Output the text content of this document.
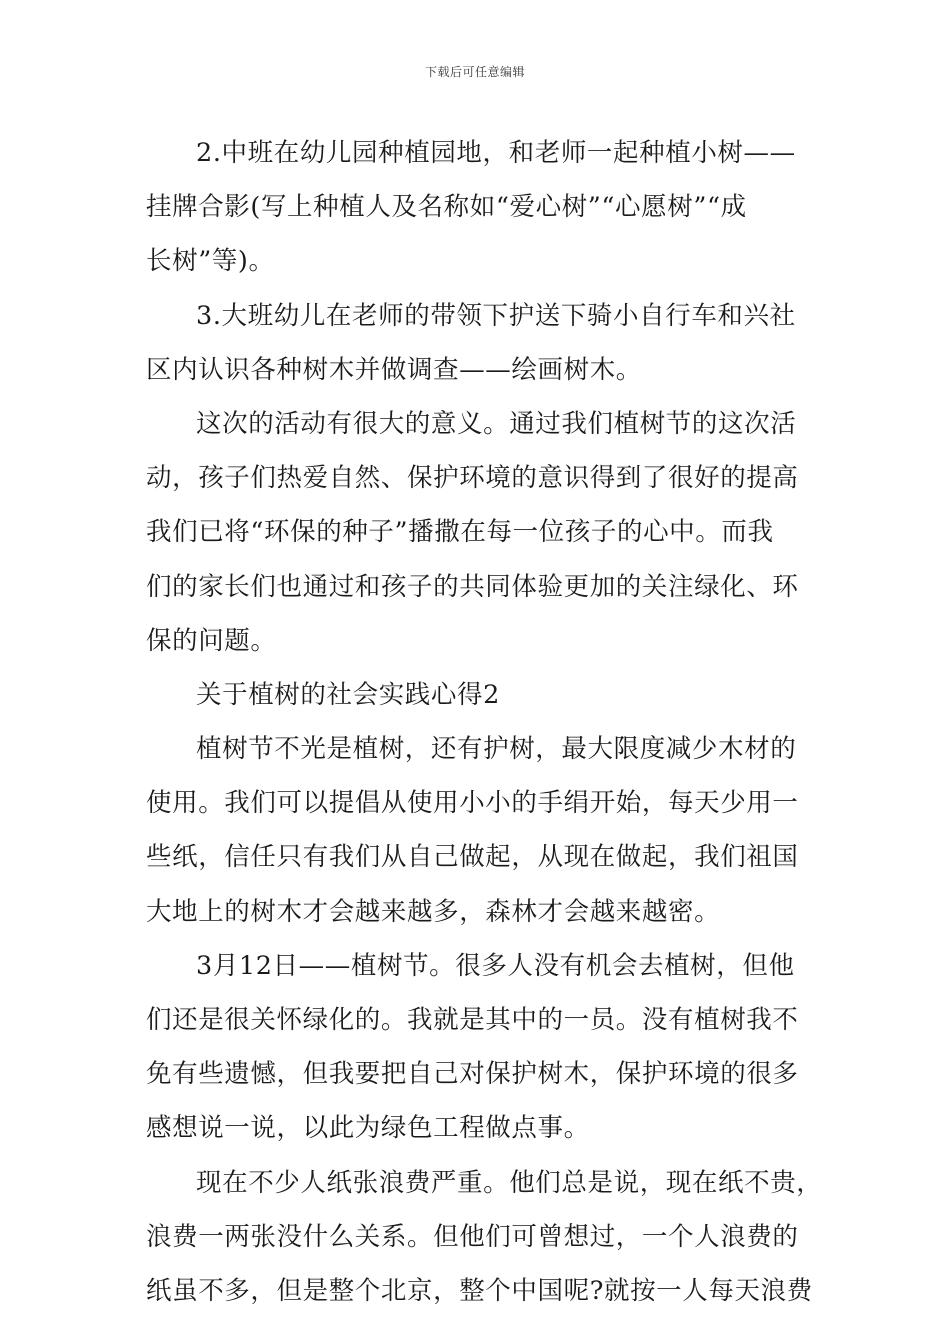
下载后可任意编辑
2.中班在幼儿园种植园地，和老师一起种植小树——
挂牌合影(写上种植人及名称如“爱心树”“心愿树”“成
长树”等)。
3.大班幼儿在老师的带领下护送下骑小自行车和兴社
区内认识各种树木并做调查——绘画树木。
这次的活动有很大的意义。通过我们植树节的这次活
动，孩子们热爱自然、保护环境的意识得到了很好的提高
我们已将“环保的种子”播撒在每一位孩子的心中。而我
们的家长们也通过和孩子的共同体验更加的关注绿化、环
保的问题。
关于植树的社会实践心得2
植树节不光是植树，还有护树，最大限度减少木材的
使用。我们可以提倡从使用小小的手绢开始，每天少用一
些纸，信任只有我们从自己做起，从现在做起，我们祖国
大地上的树木才会越来越多，森林才会越来越密。
3月12日——植树节。很多人没有机会去植树，但他
们还是很关怀绿化的。我就是其中的一员。没有植树我不
免有些遗憾，但我要把自己对保护树木，保护环境的很多
感想说一说，以此为绿色工程做点事。
现在不少人纸张浪费严重。他们总是说，现在纸不贵，
浪费一两张没什么关系。但他们可曾想过，一个人浪费的
纸虽不多，但是整个北京，整个中国呢?就按一人每天浪费
